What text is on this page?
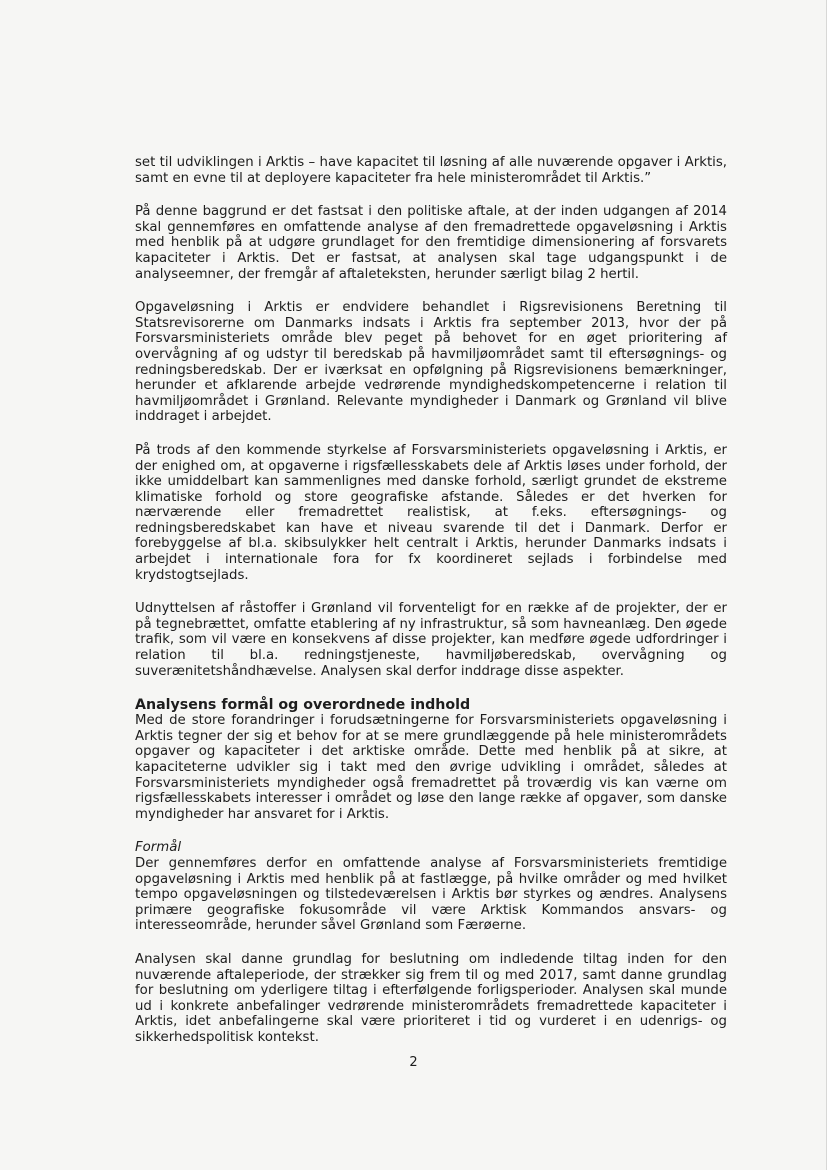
set til udviklingen i Arktis – have kapacitet til løsning af alle nuværende opgaver i Arktis, samt en evne til at deployere kapaciteter fra hele ministerområdet til Arktis.”

På denne baggrund er det fastsat i den politiske aftale, at der inden udgangen af 2014 skal gennemføres en omfattende analyse af den fremadrettede opgaveløsning i Arktis med henblik på at udgøre grundlaget for den fremtidige dimensionering af forsvarets kapaciteter i Arktis. Det er fastsat, at analysen skal tage udgangspunkt i de analyseemner, der fremgår af aftaleteksten, herunder særligt bilag 2 hertil.

Opgaveløsning i Arktis er endvidere behandlet i Rigsrevisionens Beretning til Statsrevisorerne om Danmarks indsats i Arktis fra september 2013, hvor der på Forsvarsministeriets område blev peget på behovet for en øget prioritering af overvågning af og udstyr til beredskab på havmiljøområdet samt til eftersøgnings- og redningsberedskab. Der er iværksat en opfølgning på Rigsrevisionens bemærkninger, herunder et afklarende arbejde vedrørende myndighedskompetencerne i relation til havmiljøområdet i Grønland. Relevante myndigheder i Danmark og Grønland vil blive inddraget i arbejdet.

På trods af den kommende styrkelse af Forsvarsministeriets opgaveløsning i Arktis, er der enighed om, at opgaverne i rigsfællesskabets dele af Arktis løses under forhold, der ikke umiddelbart kan sammenlignes med danske forhold, særligt grundet de ekstreme klimatiske forhold og store geografiske afstande. Således er det hverken for nærværende eller fremadrettet realistisk, at f.eks. eftersøgnings- og redningsberedskabet kan have et niveau svarende til det i Danmark. Derfor er forebyggelse af bl.a. skibsulykker helt centralt i Arktis, herunder Danmarks indsats i arbejdet i internationale fora for fx koordineret sejlads i forbindelse med krydstogtsejlads.

Udnyttelsen af råstoffer i Grønland vil forventeligt for en række af de projekter, der er på tegnebrættet, omfatte etablering af ny infrastruktur, så som havneanlæg. Den øgede trafik, som vil være en konsekvens af disse projekter, kan medføre øgede udfordringer i relation til bl.a. redningstjeneste, havmiljøberedskab, overvågning og suverænitetshåndhævelse. Analysen skal derfor inddrage disse aspekter.

Analysens formål og overordnede indhold

Med de store forandringer i forudsætningerne for Forsvarsministeriets opgaveløsning i Arktis tegner der sig et behov for at se mere grundlæggende på hele ministerområdets opgaver og kapaciteter i det arktiske område. Dette med henblik på at sikre, at kapaciteterne udvikler sig i takt med den øvrige udvikling i området, således at Forsvarsministeriets myndigheder også fremadrettet på troværdig vis kan værne om rigsfællesskabets interesser i området og løse den lange række af opgaver, som danske myndigheder har ansvaret for i Arktis.

Formål

Der gennemføres derfor en omfattende analyse af Forsvarsministeriets fremtidige opgaveløsning i Arktis med henblik på at fastlægge, på hvilke områder og med hvilket tempo opgaveløsningen og tilstedeværelsen i Arktis bør styrkes og ændres. Analysens primære geografiske fokusområde vil være Arktisk Kommandos ansvars- og interesseområde, herunder såvel Grønland som Færøerne.

Analysen skal danne grundlag for beslutning om indledende tiltag inden for den nuværende aftaleperiode, der strækker sig frem til og med 2017, samt danne grundlag for beslutning om yderligere tiltag i efterfølgende forligsperioder. Analysen skal munde ud i konkrete anbefalinger vedrørende ministerområdets fremadrettede kapaciteter i Arktis, idet anbefalingerne skal være prioriteret i tid og vurderet i en udenrigs- og sikkerhedspolitisk kontekst.

2
